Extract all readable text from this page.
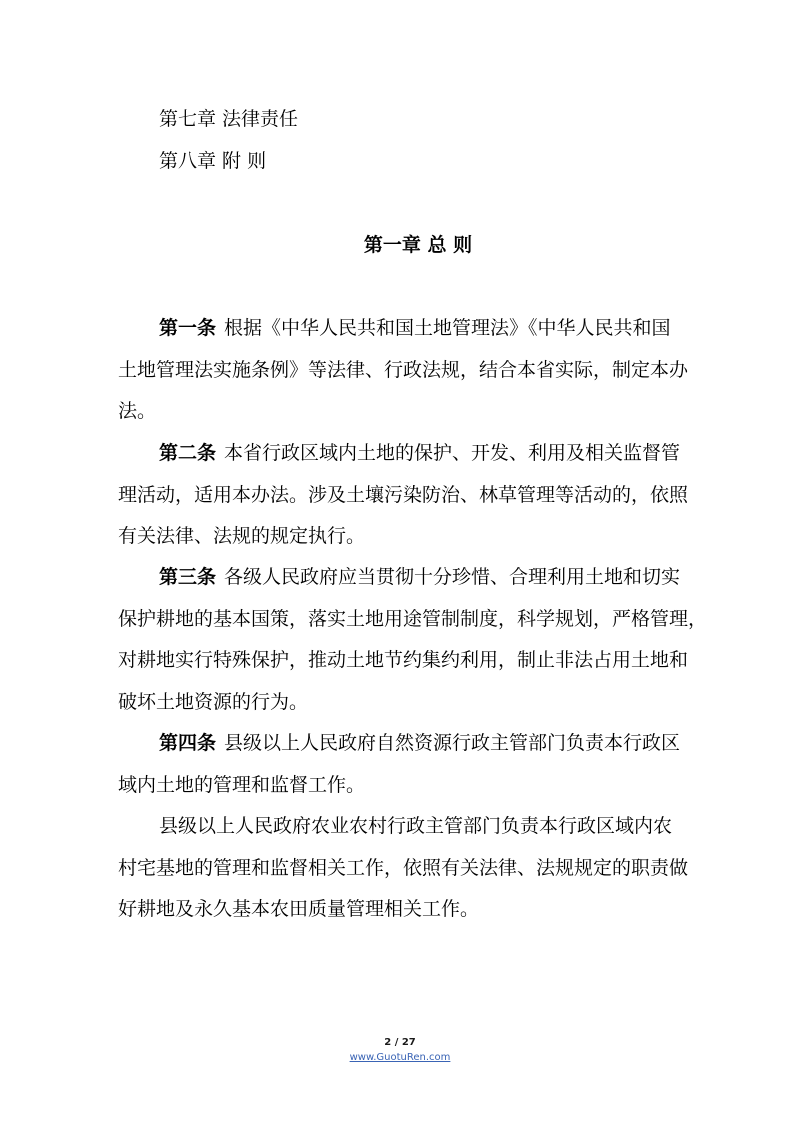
第七章 法律责任
第八章 附 则
第一章 总 则
第一条 根据《中华人民共和国土地管理法》《中华人民共和国
土地管理法实施条例》等法律、行政法规，结合本省实际，制定本办
法。
第二条 本省行政区域内土地的保护、开发、利用及相关监督管
理活动，适用本办法。涉及土壤污染防治、林草管理等活动的，依照
有关法律、法规的规定执行。
第三条 各级人民政府应当贯彻十分珍惜、合理利用土地和切实
保护耕地的基本国策，落实土地用途管制制度，科学规划，严格管理，
对耕地实行特殊保护，推动土地节约集约利用，制止非法占用土地和
破坏土地资源的行为。
第四条 县级以上人民政府自然资源行政主管部门负责本行政区
域内土地的管理和监督工作。
县级以上人民政府农业农村行政主管部门负责本行政区域内农
村宅基地的管理和监督相关工作，依照有关法律、法规规定的职责做
好耕地及永久基本农田质量管理相关工作。
2 / 27
www.GuotuRen.com
